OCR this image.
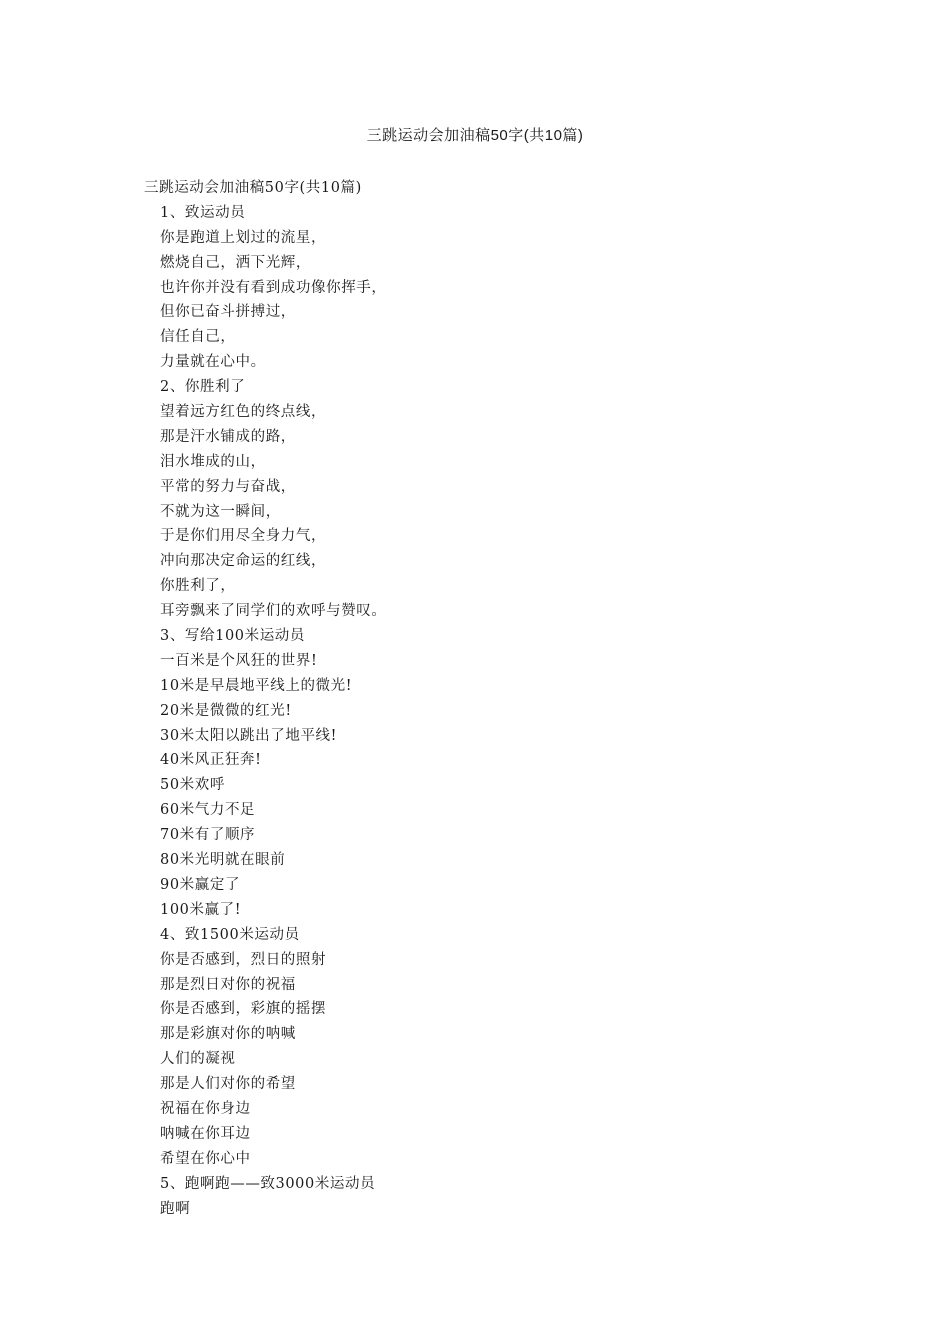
三跳运动会加油稿50字(共10篇)
三跳运动会加油稿50字(共10篇)
1、致运动员
你是跑道上划过的流星，
燃烧自己，洒下光辉，
也许你并没有看到成功像你挥手，
但你已奋斗拼搏过，
信任自己，
力量就在心中。
2、你胜利了
望着远方红色的终点线，
那是汗水铺成的路，
泪水堆成的山，
平常的努力与奋战，
不就为这一瞬间，
于是你们用尽全身力气，
冲向那决定命运的红线，
你胜利了，
耳旁飘来了同学们的欢呼与赞叹。
3、写给100米运动员
一百米是个风狂的世界!
10米是早晨地平线上的微光!
20米是微微的红光!
30米太阳以跳出了地平线!
40米风正狂奔!
50米欢呼
60米气力不足
70米有了顺序
80米光明就在眼前
90米赢定了
100米赢了!
4、致1500米运动员
你是否感到，烈日的照射
那是烈日对你的祝福
你是否感到，彩旗的摇摆
那是彩旗对你的呐喊
人们的凝视
那是人们对你的希望
祝福在你身边
呐喊在你耳边
希望在你心中
5、跑啊跑——致3000米运动员
跑啊
